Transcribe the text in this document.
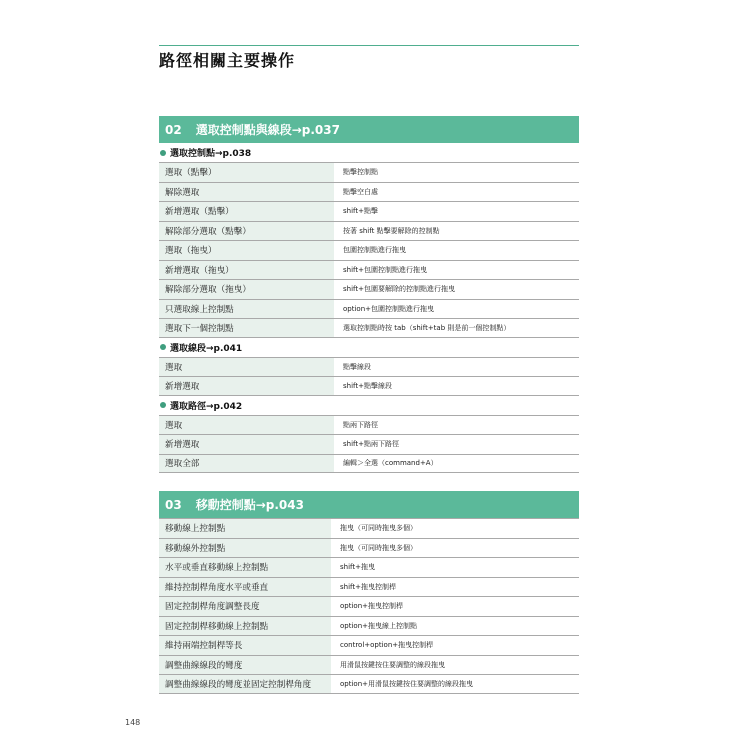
路徑相關主要操作
02 選取控制點與線段→p.037
選取控制點→p.038
選取（點擊）	點擊控制點
解除選取	點擊空白處
新增選取（點擊）	shift+點擊
解除部分選取（點擊）	按著 shift 點擊要解除的控制點
選取（拖曳）	包圍控制點進行拖曳
新增選取（拖曳）	shift+包圍控制點進行拖曳
解除部分選取（拖曳）	shift+包圍要解除的控制點進行拖曳
只選取線上控制點	option+包圍控制點進行拖曳
選取下一個控制點	選取控制點時按 tab（shift+tab 則是前一個控制點）
選取線段→p.041
選取	點擊線段
新增選取	shift+點擊線段
選取路徑→p.042
選取	點兩下路徑
新增選取	shift+點兩下路徑
選取全部	編輯＞全選（command+A）
03 移動控制點→p.043
移動線上控制點	拖曳（可同時拖曳多個）
移動線外控制點	拖曳（可同時拖曳多個）
水平或垂直移動線上控制點	shift+拖曳
維持控制桿角度水平或垂直	shift+拖曳控制桿
固定控制桿角度調整長度	option+拖曳控制桿
固定控制桿移動線上控制點	option+拖曳線上控制點
維持兩端控制桿等長	control+option+拖曳控制桿
調整曲線線段的彎度	用滑鼠按鍵按住要調整的線段拖曳
調整曲線線段的彎度並固定控制桿角度	option+用滑鼠按鍵按住要調整的線段拖曳
148
